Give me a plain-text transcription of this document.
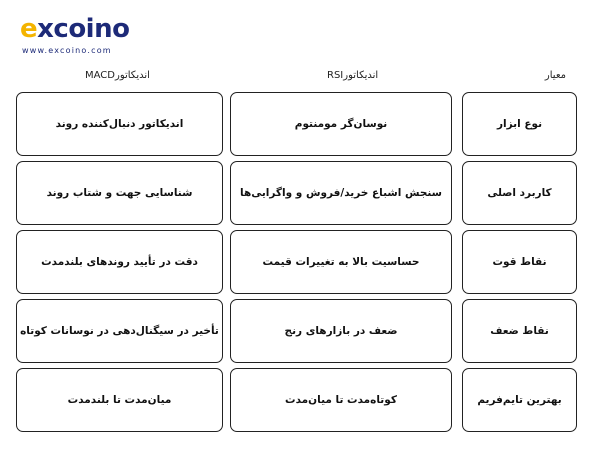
e xcoino
www.excoino.com
معیار
اندیکاتورRSI
اندیکاتورMACD
نوع ابزار
نوسان‌گر مومنتوم
اندیکاتور دنبال‌کننده روند
کاربرد اصلی
سنجش اشباع خرید/فروش و واگرایی‌ها
شناسایی جهت و شتاب روند
نقاط قوت
حساسیت بالا به تغییرات قیمت
دقت در تأیید روندهای بلندمدت
نقاط ضعف
ضعف در بازارهای رنج
تأخیر در سیگنال‌دهی در نوسانات کوتاه
بهترین تایم‌فریم
کوتاه‌مدت تا میان‌مدت
میان‌مدت تا بلندمدت
